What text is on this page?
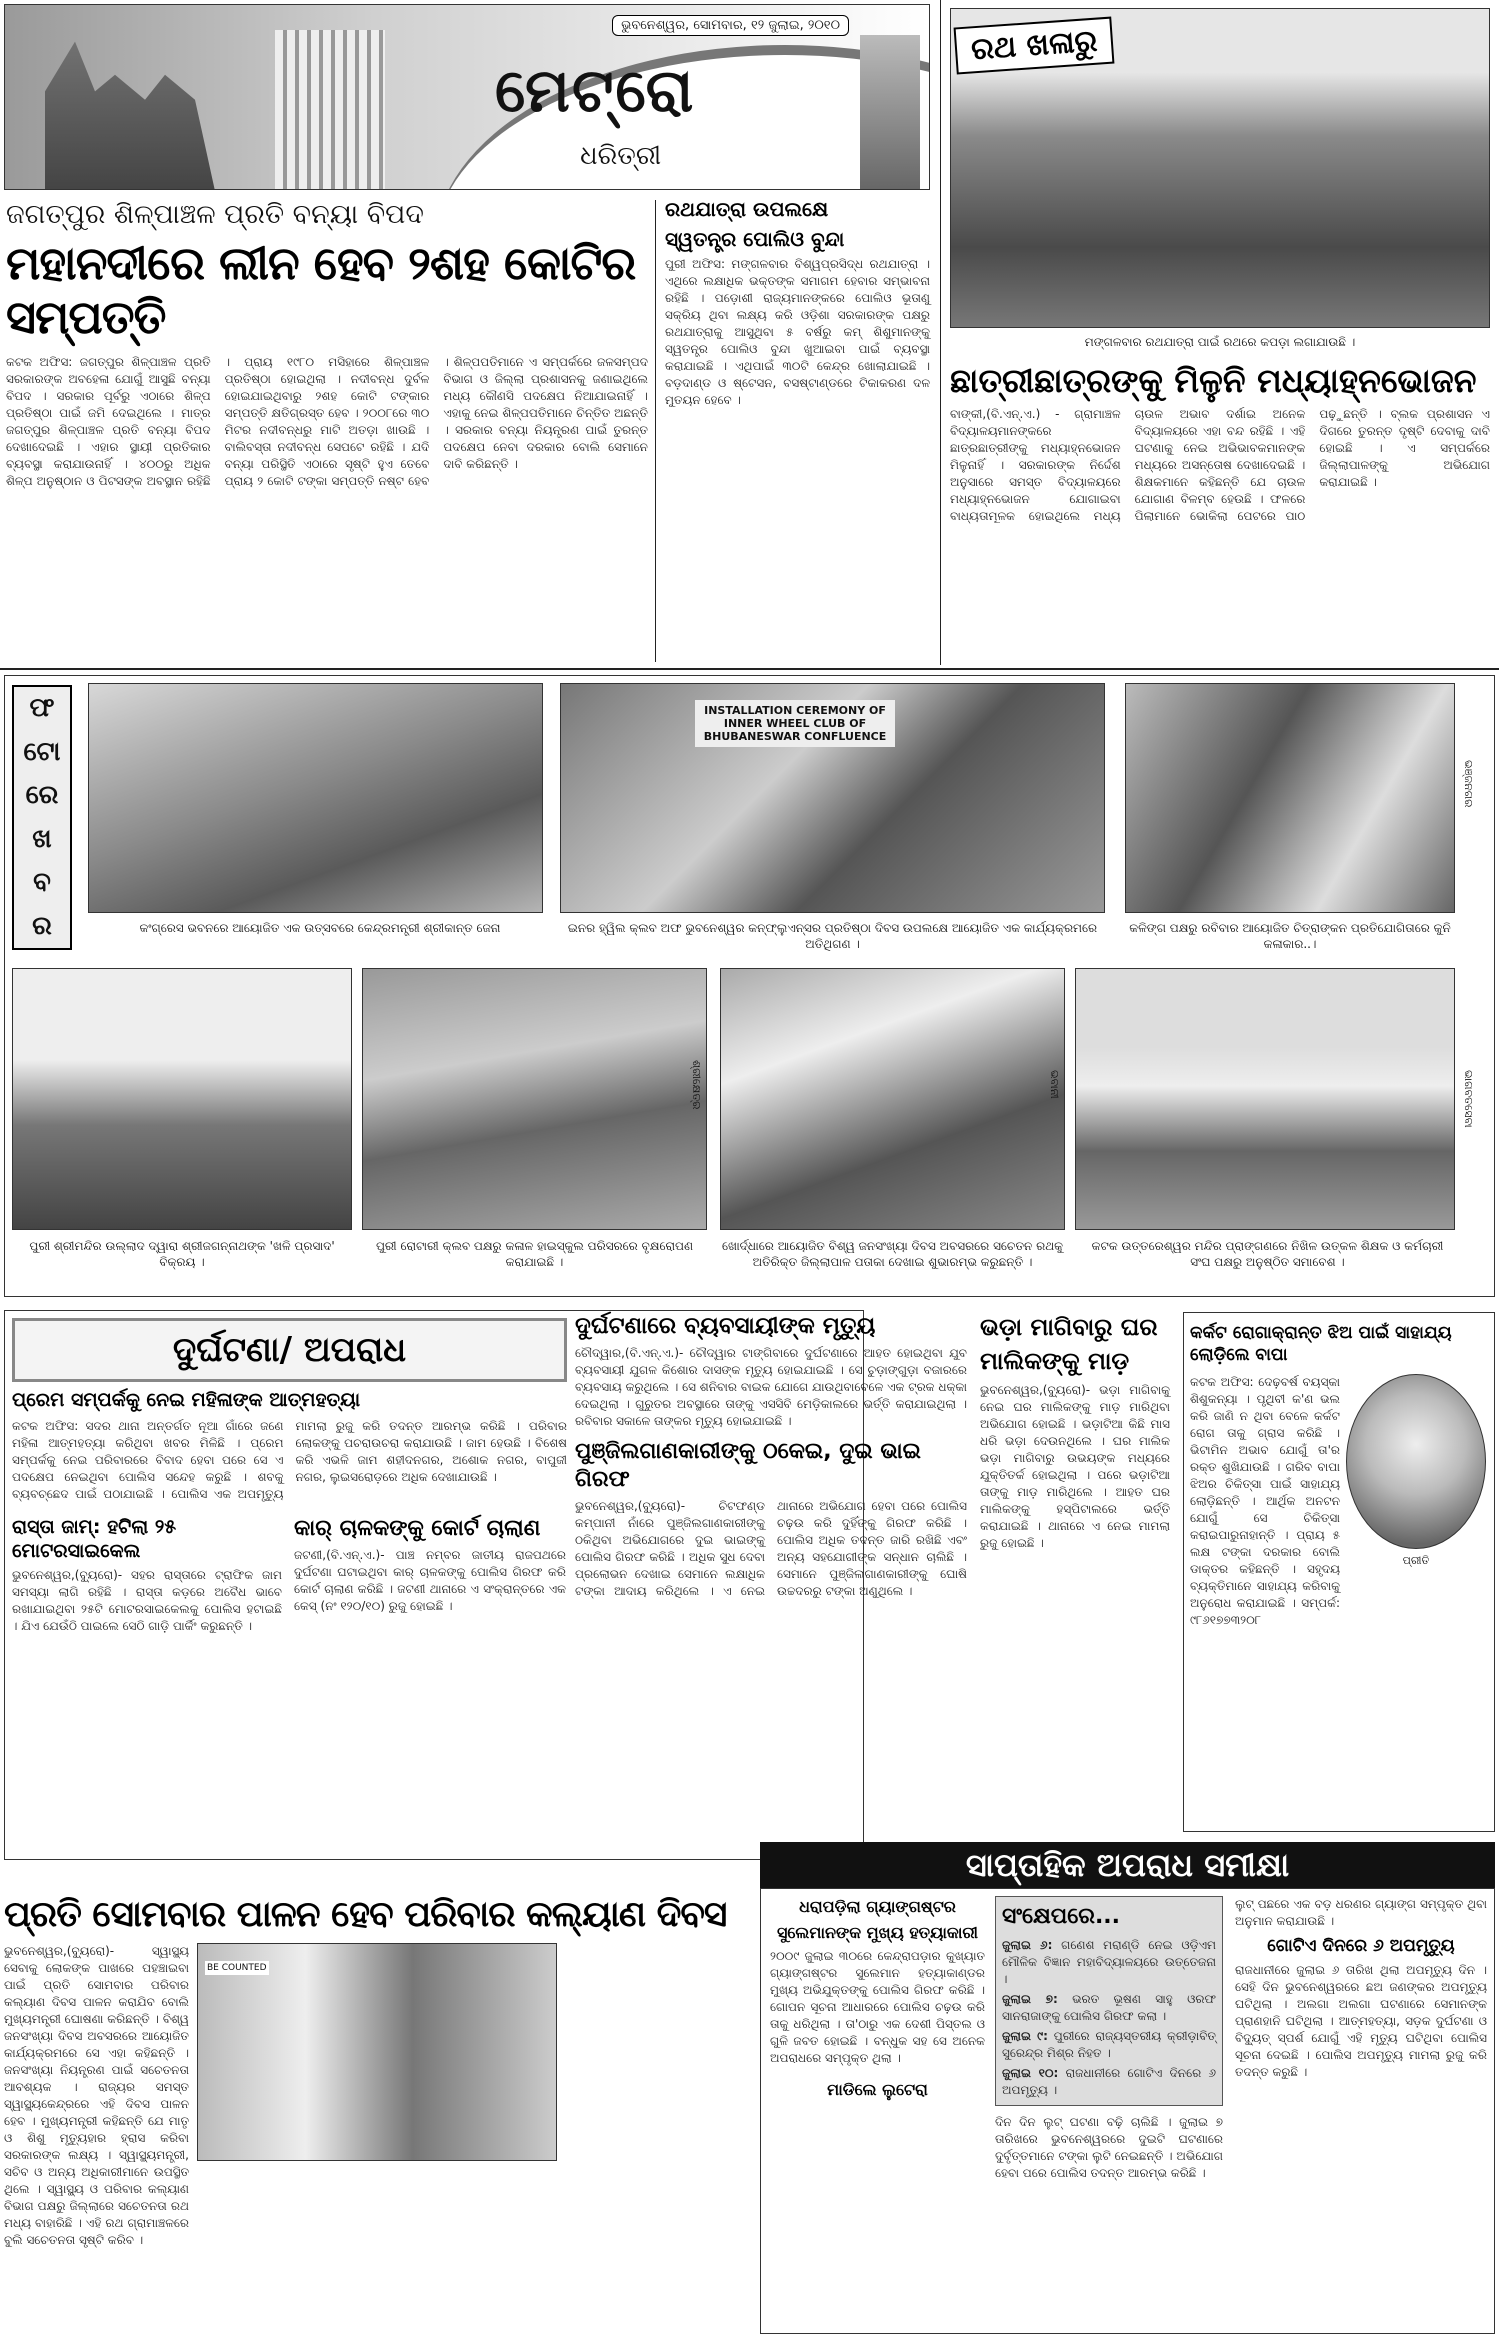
ଭୁବନେଶ୍ୱର, ସୋମବାର, ୧୨ ଜୁଲାଇ, ୨୦୧୦
ମେଟ୍ରୋ
ଧରିତ୍ରୀ
ଜଗତ୍‌ପୁର ଶିଳ୍ପାଞ୍ଚଳ ପ୍ରତି ବନ୍ୟା ବିପଦ
ମହାନଦୀରେ ଲୀନ ହେବ ୨ଶହ କୋଟିର ସମ୍ପତ୍ତି
କଟକ ଅଫିସ: ଜଗତ୍‌ପୁର ଶିଳ୍ପାଞ୍ଚଳ ପ୍ରତି ସରକାରଙ୍କ ଅବହେଳା ଯୋଗୁଁ ଆସୁଛି ବନ୍ୟା ବିପଦ । ସରକାର ପୂର୍ବରୁ ଏଠାରେ ଶିଳ୍ପ ପ୍ରତିଷ୍ଠା ପାଇଁ ଜମି ଦେଇଥିଲେ । ମାତ୍ର ଜଗତ୍‌ପୁର ଶିଳ୍ପାଞ୍ଚଳ ପ୍ରତି ବନ୍ୟା ବିପଦ ଦେଖାଦେଇଛି । ଏହାର ସ୍ଥାୟୀ ପ୍ରତିକାର ବ୍ୟବସ୍ଥା କରାଯାଉନାହିଁ । ୪୦୦ରୁ ଅଧିକ ଶିଳ୍ପ ଅନୁଷ୍ଠାନ ଓ ପିଟସଙ୍କ ଅବସ୍ଥାନ ରହିଛି । ପ୍ରାୟ ୧୯୮୦ ମସିହାରେ ଶିଳ୍ପାଞ୍ଚଳ ପ୍ରତିଷ୍ଠା ହୋଇଥିଲା । ନଦୀବନ୍ଧ ଦୁର୍ବଳ ହୋଇଯାଇଥିବାରୁ ୨ଶହ କୋଟି ଟଙ୍କାର ସମ୍ପତ୍ତି କ୍ଷତିଗ୍ରସ୍ତ ହେବ । ୨୦୦୮ରେ ୩୦ ମିଟର ନଦୀବନ୍ଧରୁ ମାଟି ଅତଡ଼ା ଖାଉଛି । ବାଲିବସ୍ତା ନଦୀବନ୍ଧ ସେପଟେ ରହିଛି । ଯଦି ବନ୍ୟା ପରିସ୍ଥିତି ଏଠାରେ ସୃଷ୍ଟି ହୁଏ ତେବେ ପ୍ରାୟ ୨ କୋଟି ଟଙ୍କା ସମ୍ପତ୍ତି ନଷ୍ଟ ହେବ । ଶିଳ୍ପପତିମାନେ ଏ ସମ୍ପର୍କରେ ଜଳସମ୍ପଦ ବିଭାଗ ଓ ଜିଲ୍ଲା ପ୍ରଶାସନକୁ ଜଣାଇଥିଲେ ମଧ୍ୟ କୌଣସି ପଦକ୍ଷେପ ନିଆଯାଇନାହିଁ । ଏହାକୁ ନେଇ ଶିଳ୍ପପତିମାନେ ଚିନ୍ତିତ ଅଛନ୍ତି । ସରକାର ବନ୍ୟା ନିୟନ୍ତ୍ରଣ ପାଇଁ ତୁରନ୍ତ ପଦକ୍ଷେପ ନେବା ଦରକାର ବୋଲି ସେମାନେ ଦାବି କରିଛନ୍ତି ।
ରଥଯାତ୍ରା ଉପଲକ୍ଷେ
ସ୍ୱତନ୍ତ୍ର ପୋଲିଓ ବୁନ୍ଦା
ପୁରୀ ଅଫିସ: ମଙ୍ଗଳବାର ବିଶ୍ୱପ୍ରସିଦ୍ଧ ରଥଯାତ୍ରା । ଏଥିରେ ଲକ୍ଷାଧିକ ଭକ୍ତଙ୍କ ସମାଗମ ହେବାର ସମ୍ଭାବନା ରହିଛି । ପଡ଼ୋଶୀ ରାଜ୍ୟମାନଙ୍କରେ ପୋଲିଓ ଭୂତାଣୁ ସକ୍ରିୟ ଥିବା ଲକ୍ଷ୍ୟ କରି ଓଡ଼ିଶା ସରକାରଙ୍କ ପକ୍ଷରୁ ରଥଯାତ୍ରାକୁ ଆସୁଥିବା ୫ ବର୍ଷରୁ କମ୍ ଶିଶୁମାନଙ୍କୁ ସ୍ୱତନ୍ତ୍ର ପୋଲିଓ ବୁନ୍ଦା ଖୁଆଇବା ପାଇଁ ବ୍ୟବସ୍ଥା କରାଯାଇଛି । ଏଥିପାଇଁ ୩୦ଟି କେନ୍ଦ୍ର ଖୋଲାଯାଇଛି । ବଡ଼ଦାଣ୍ଡ ଓ ଷ୍ଟେସନ, ବସଷ୍ଟାଣ୍ଡରେ ଟିକାକରଣ ଦଳ ମୁତୟନ ହେବେ ।
ରଥ ଖଳାରୁ
ମଙ୍ଗଳବାର ରଥଯାତ୍ରା ପାଇଁ ରଥରେ କପଡ଼ା ଲଗାଯାଉଛି ।
ଛାତ୍ରୀଛାତ୍ରଙ୍କୁ ମିଳୁନି ମଧ୍ୟାହ୍ନଭୋଜନ
ବାଙ୍କୀ,(ବି.ଏନ୍.ଏ.) - ଗ୍ରାମାଞ୍ଚଳ ବିଦ୍ୟାଳୟମାନଙ୍କରେ ଛାତ୍ରଛାତ୍ରୀଙ୍କୁ ମଧ୍ୟାହ୍ନଭୋଜନ ମିଳୁନାହିଁ । ସରକାରଙ୍କ ନିର୍ଦ୍ଦେଶ ଅନୁସାରେ ସମସ୍ତ ବିଦ୍ୟାଳୟରେ ମଧ୍ୟାହ୍ନଭୋଜନ ଯୋଗାଇବା ବାଧ୍ୟତାମୂଳକ ହୋଇଥିଲେ ମଧ୍ୟ ଚାଉଳ ଅଭାବ ଦର୍ଶାଇ ଅନେକ ବିଦ୍ୟାଳୟରେ ଏହା ବନ୍ଦ ରହିଛି । ଏହି ଘଟଣାକୁ ନେଇ ଅଭିଭାବକମାନଙ୍କ ମଧ୍ୟରେ ଅସନ୍ତୋଷ ଦେଖାଦେଇଛି । ଶିକ୍ଷକମାନେ କହିଛନ୍ତି ଯେ ଚାଉଳ ଯୋଗାଣ ବିଳମ୍ବ ହେଉଛି । ଫଳରେ ପିଲାମାନେ ଭୋକିଲା ପେଟରେ ପାଠ ପଢ଼ୁଛନ୍ତି । ବ୍ଲକ ପ୍ରଶାସନ ଏ ଦିଗରେ ତୁରନ୍ତ ଦୃଷ୍ଟି ଦେବାକୁ ଦାବି ହୋଇଛି । ଏ ସମ୍ପର୍କରେ ଜିଲ୍ଲାପାଳଙ୍କୁ ଅଭିଯୋଗ କରାଯାଇଛି ।
ଫ
ଟୋ
ରେ
ଖ
ବ
ର
INSTALLATION CEREMONY OF INNER WHEEL CLUB OF BHUBANESWAR CONFLUENCE
ଭଞ୍ଜନଗର
କଂଗ୍ରେସ ଭବନରେ ଆୟୋଜିତ ଏକ ଉତ୍ସବରେ କେନ୍ଦ୍ରମନ୍ତ୍ରୀ ଶ୍ରୀକାନ୍ତ ଜେନା	ଇନର ହ୍ୱିଲ କ୍ଲବ ଅଫ ଭୁବନେଶ୍ୱର କନ୍‌ଫ୍ଲୁଏନ୍ସର ପ୍ରତିଷ୍ଠା ଦିବସ ଉପଲକ୍ଷେ ଆୟୋଜିତ ଏକ କାର୍ଯ୍ୟକ୍ରମରେ ଅତିଥିଗଣ ।
କଳିଙ୍ଗ ପକ୍ଷରୁ ରବିବାର ଆୟୋଜିତ ଚିତ୍ରାଙ୍କନ ପ୍ରତିଯୋଗିତାରେ କୁନି କଳାକାର..।
ଶ୍ରୀକ୍ଷେତ୍ର	ଭବାନୀ	ଭାଗବତସେବା
ପୁରୀ ଶ୍ରୀମନ୍ଦିର ଉଲ୍ଲାଦ ଦ୍ୱାରା ଶ୍ରୀଜଗନ୍ନାଥଙ୍କ 'ଖଳି ପ୍ରସାଦ' ବିକ୍ରୟ ।
ପୁରୀ ରୋଟାରୀ କ୍ଲବ ପକ୍ଷରୁ କଳାଳ ହାଇସ୍କୁଲ ପରିସରରେ ବୃକ୍ଷରୋପଣ କରାଯାଇଛି ।
ଖୋର୍ଦ୍ଧାରେ ଆୟୋଜିତ ବିଶ୍ୱ ଜନସଂଖ୍ୟା ଦିବସ ଅବସରରେ ସଚେତନ ରଥକୁ ଅତିରିକ୍ତ ଜିଲ୍ଲାପାଳ ପତାକା ଦେଖାଇ ଶୁଭାରମ୍ଭ କରୁଛନ୍ତି ।
କଟକ ଉତ୍ତରେଶ୍ୱର ମନ୍ଦିର ପ୍ରାଙ୍ଗଣରେ ନିଖିଳ ଉତ୍କଳ ଶିକ୍ଷକ ଓ କର୍ମଚାରୀ ସଂଘ ପକ୍ଷରୁ ଅନୁଷ୍ଠିତ ସମାବେଶ ।
ଦୁର୍ଘଟଣା/ ଅପରାଧ
ପ୍ରେମ ସମ୍ପର୍କକୁ ନେଇ ମହିଳାଙ୍କ ଆତ୍ମହତ୍ୟା
କଟକ ଅଫିସ: ସଦର ଥାନା ଅନ୍ତର୍ଗତ ନୂଆ ଗାଁରେ ଜଣେ ମହିଳା ଆତ୍ମହତ୍ୟା କରିଥିବା ଖବର ମିଳିଛି । ପ୍ରେମ ସମ୍ପର୍କକୁ ନେଇ ପରିବାରରେ ବିବାଦ ହେବା ପରେ ସେ ଏ ପଦକ୍ଷେପ ନେଇଥିବା ପୋଲିସ ସନ୍ଦେହ କରୁଛି । ଶବକୁ ବ୍ୟବଚ୍ଛେଦ ପାଇଁ ପଠାଯାଇଛି । ପୋଲିସ ଏକ ଅପମୃତ୍ୟୁ ମାମଲା ରୁଜୁ କରି ତଦନ୍ତ ଆରମ୍ଭ କରିଛି । ପରିବାର ଲୋକଙ୍କୁ ପଚରାଉଚରା କରାଯାଉଛି । ଜାମ ହେଉଛି । ବିଶେଷ କରି ଏଭଳି ଜାମ ଶହୀଦନଗର, ଅଶୋକ ନଗର, ବାପୁଜୀ ନଗର, ଲୁଇସରୋଡ଼ରେ ଅଧିକ ଦେଖାଯାଉଛି ।
ରାସ୍ତା ଜାମ୍: ହଟିଲା ୨୫ ମୋଟରସାଇକେଲ
ଭୁବନେଶ୍ୱର,(ବ୍ୟୁରୋ)- ସହର ରାସ୍ତାରେ ଟ୍ରାଫିକ ଜାମ ସମସ୍ୟା ଲାଗି ରହିଛି । ରାସ୍ତା କଡ଼ରେ ଅବୈଧ ଭାବେ ରଖାଯାଇଥିବା ୨୫ଟି ମୋଟରସାଇକେଲକୁ ପୋଲିସ ହଟାଇଛି । ଯିଏ ଯେଉଁଠି ପାଇଲେ ସେଠି ଗାଡ଼ି ପାର୍କିଂ କରୁଛନ୍ତି ।
କାର୍ ଚାଳକଙ୍କୁ କୋର୍ଟ ଚାଲାଣ
ଜଟଣୀ,(ବି.ଏନ୍.ଏ.)- ପାଞ୍ଚ ନମ୍ବର ଜାତୀୟ ରାଜପଥରେ ଦୁର୍ଘଟଣା ଘଟାଇଥିବା କାର୍ ଚାଳକଙ୍କୁ ପୋଲିସ ଗିରଫ କରି କୋର୍ଟ ଚାଲାଣ କରିଛି । ଜଟଣୀ ଥାନାରେ ଏ ସଂକ୍ରାନ୍ତରେ ଏକ କେସ୍ (ନଂ ୧୨୦/୧୦) ରୁଜୁ ହୋଇଛି ।
ଦୁର୍ଘଟଣାରେ ବ୍ୟବସାୟୀଙ୍କ ମୃତ୍ୟୁ
ଚୌଦ୍ୱାର,(ବି.ଏନ୍.ଏ.)- ଚୌଦ୍ୱାର ଟାଙ୍ଗିବାରେ ଦୁର୍ଘଟଣାରେ ଆହତ ହୋଇଥିବା ଯୁବ ବ୍ୟବସାୟୀ ଯୁଗଳ କିଶୋର ଦାସଙ୍କ ମୃତ୍ୟୁ ହୋଇଯାଇଛି । ସେ ଚୁଡ଼ାଙ୍ଗୁଡ଼ା ବଜାରରେ ବ୍ୟବସାୟ କରୁଥିଲେ । ସେ ଶନିବାର ବାଇକ ଯୋଗେ ଯାଉଥିବାବେଳେ ଏକ ଟ୍ରକ ଧକ୍କା ଦେଇଥିଲା । ଗୁରୁତର ଅବସ୍ଥାରେ ତାଙ୍କୁ ଏସସିବି ମେଡ଼ିକାଲରେ ଭର୍ତ୍ତି କରାଯାଇଥିଲା । ରବିବାର ସକାଳେ ତାଙ୍କର ମୃତ୍ୟୁ ହୋଇଯାଇଛି ।
ପୁଞ୍ଜିଲଗାଣକାରୀଙ୍କୁ ଠକେଇ, ଦୁଇ ଭାଇ ଗିରଫ
ଭୁବନେଶ୍ୱର,(ବ୍ୟୁରୋ)- ଚିଟଫଣ୍ଡ କମ୍ପାନୀ ନାଁରେ ପୁଞ୍ଜିଲଗାଣକାରୀଙ୍କୁ ଠକିଥିବା ଅଭିଯୋଗରେ ଦୁଇ ଭାଇଙ୍କୁ ପୋଲିସ ଗିରଫ କରିଛି । ଅଧିକ ସୁଧ ଦେବା ପ୍ରଲୋଭନ ଦେଖାଇ ସେମାନେ ଲକ୍ଷାଧିକ ଟଙ୍କା ଆଦାୟ କରିଥିଲେ । ଏ ନେଇ ଥାନାରେ ଅଭିଯୋଗ ହେବା ପରେ ପୋଲିସ ଚଢ଼ଉ କରି ଦୁହିଁଙ୍କୁ ଗିରଫ କରିଛି । ପୋଲିସ ଅଧିକ ତଦନ୍ତ ଜାରି ରଖିଛି ଏବଂ ଅନ୍ୟ ସହଯୋଗୀଙ୍କ ସନ୍ଧାନ ଚାଲିଛି । ସେମାନେ ପୁଞ୍ଜିଲଗାଣକାରୀଙ୍କୁ ଘୋଷି ଉଚ୍ଚଦରରୁ ଟଙ୍କା ଅଣୁଥିଲେ ।
ଭଡ଼ା ମାଗିବାରୁ ଘର ମାଲିକଙ୍କୁ ମାଡ଼
ଭୁବନେଶ୍ୱର,(ବ୍ୟୁରୋ)- ଭଡ଼ା ମାଗିବାକୁ ନେଇ ଘର ମାଲିକଙ୍କୁ ମାଡ଼ ମାରିଥିବା ଅଭିଯୋଗ ହୋଇଛି । ଭଡ଼ାଟିଆ କିଛି ମାସ ଧରି ଭଡ଼ା ଦେଉନଥିଲେ । ଘର ମାଲିକ ଭଡ଼ା ମାଗିବାରୁ ଉଭୟଙ୍କ ମଧ୍ୟରେ ଯୁକ୍ତିତର୍କ ହୋଇଥିଲା । ପରେ ଭଡ଼ାଟିଆ ତାଙ୍କୁ ମାଡ଼ ମାରିଥିଲେ । ଆହତ ଘର ମାଲିକଙ୍କୁ ହସ୍ପିଟାଲରେ ଭର୍ତ୍ତି କରାଯାଇଛି । ଥାନାରେ ଏ ନେଇ ମାମଲା ରୁଜୁ ହୋଇଛି ।
କର୍କଟ ରୋଗାକ୍ରାନ୍ତ ଝିଅ ପାଇଁ ସାହାଯ୍ୟ ଲୋଡ଼ିଲେ ବାପା
କଟକ ଅଫିସ: ଦେଢ଼ବର୍ଷ ବୟସ୍କା ଶିଶୁକନ୍ୟା । ପୃଥିବୀ କ'ଣ ଭଲ କରି ଜାଣି ନ ଥିବା ବେଳେ କର୍କଟ ରୋଗ ତାକୁ ଗ୍ରାସ କରିଛି । ଭିଟାମିନ ଅଭାବ ଯୋଗୁଁ ତା'ର ରକ୍ତ ଶୁଖିଯାଉଛି । ଗରିବ ବାପା ଝିଅର ଚିକିତ୍ସା ପାଇଁ ସାହାଯ୍ୟ ଲୋଡ଼ିଛନ୍ତି । ଆର୍ଥିକ ଅନଟନ ଯୋଗୁଁ ସେ ଚିକିତ୍ସା କରାଇପାରୁନାହାନ୍ତି । ପ୍ରାୟ ୫ ଲକ୍ଷ ଟଙ୍କା ଦରକାର ବୋଲି ଡାକ୍ତର କହିଛନ୍ତି । ସହୃଦୟ ବ୍ୟକ୍ତିମାନେ ସାହାଯ୍ୟ କରିବାକୁ ଅନୁରୋଧ କରାଯାଇଛି । ସମ୍ପର୍କ: ୯୮୬୧୭୭୩୨୦୮
ପ୍ରୀତି
ସାପ୍ତାହିକ ଅପରାଧ ସମୀକ୍ଷା
ଧରାପଡ଼ିଲା ଗ୍ୟାଙ୍ଗଷ୍ଟର
ସୁଲେମାନଙ୍କ ମୁଖ୍ୟ ହତ୍ୟାକାରୀ
୨୦୦୯ ଜୁଲାଇ ୩୦ରେ କେନ୍ଦ୍ରାପଡ଼ାର କୁଖ୍ୟାତ ଗ୍ୟାଙ୍ଗଷ୍ଟର ସୁଲେମାନ ହତ୍ୟାକାଣ୍ଡର ମୁଖ୍ୟ ଅଭିଯୁକ୍ତଙ୍କୁ ପୋଲିସ ଗିରଫ କରିଛି । ଗୋପନ ସୂଚନା ଆଧାରରେ ପୋଲିସ ଚଢ଼ଉ କରି ତାକୁ ଧରିଥିଲା । ତା'ଠାରୁ ଏକ ଦେଶୀ ପିସ୍ତଲ ଓ ଗୁଳି ଜବତ ହୋଇଛି । ବନ୍ଧୁକ ସହ ସେ ଅନେକ ଅପରାଧରେ ସମ୍ପୃକ୍ତ ଥିଲା ।
ମାଡିଲେ ଲୁଟେରା
ସଂକ୍ଷେପରେ...
ଜୁଲାଇ ୬: ଗଣେଶ ମରାଣ୍ଡି ନେଇ ଓଡ଼ିଏମ ମୌଳିକ ବିଜ୍ଞାନ ମହାବିଦ୍ୟାଳୟରେ ଉତ୍ତେଜନା ।
ଜୁଲାଇ ୭: ଭରତ ଭୂଷଣ ସାହୁ ଓରଫ ସାନରାଜାଙ୍କୁ ପୋଲିସ ଗିରଫ କଲା ।
ଜୁଲାଇ ୯: ପୁରୀରେ ରାଜ୍ୟସ୍ତରୀୟ କ୍ରୀଡ଼ାବିତ୍ ସୁରେନ୍ଦ୍ର ମିଶ୍ର ନିହତ ।
ଜୁଲାଇ ୧୦: ରାଜଧାନୀରେ ଗୋଟିଏ ଦିନରେ ୬ ଅପମୃତ୍ୟୁ ।
ଦିନ ଦିନ ଲୁଟ୍ ଘଟଣା ବଢ଼ି ଚାଲିଛି । ଜୁଲାଇ ୭ ତାରିଖରେ ଭୁବନେଶ୍ୱରରେ ଦୁଇଟି ଘଟଣାରେ ଦୁର୍ବୃତ୍ତମାନେ ଟଙ୍କା ଲୁଟି ନେଇଛନ୍ତି । ଅଭିଯୋଗ ହେବା ପରେ ପୋଲିସ ତଦନ୍ତ ଆରମ୍ଭ କରିଛି ।
ଲୁଟ୍ ପଛରେ ଏକ ବଡ଼ ଧରଣର ଗ୍ୟାଙ୍ଗ ସମ୍ପୃକ୍ତ ଥିବା ଅନୁମାନ କରାଯାଉଛି ।
ଗୋଟିଏ ଦିନରେ ୬ ଅପମୃତ୍ୟୁ
ରାଜଧାନୀରେ ଜୁଲାଇ ୬ ତାରିଖ ଥିଲା ଅପମୃତ୍ୟୁ ଦିନ । ସେହି ଦିନ ଭୁବନେଶ୍ୱରରେ ଛଅ ଜଣଙ୍କର ଅପମୃତ୍ୟୁ ଘଟିଥିଲା । ଅଲଗା ଅଲଗା ଘଟଣାରେ ସେମାନଙ୍କ ପ୍ରାଣହାନି ଘଟିଥିଲା । ଆତ୍ମହତ୍ୟା, ସଡ଼କ ଦୁର୍ଘଟଣା ଓ ବିଦ୍ୟୁତ୍ ସ୍ପର୍ଶ ଯୋଗୁଁ ଏହି ମୃତ୍ୟୁ ଘଟିଥିବା ପୋଲିସ ସୂଚନା ଦେଇଛି । ପୋଲିସ ଅପମୃତ୍ୟୁ ମାମଲା ରୁଜୁ କରି ତଦନ୍ତ କରୁଛି ।
ପ୍ରତି ସୋମବାର ପାଳନ ହେବ ପରିବାର କଲ୍ୟାଣ ଦିବସ
ଭୁବନେଶ୍ୱର,(ବ୍ୟୁରୋ)- ସ୍ୱାସ୍ଥ୍ୟ ସେବାକୁ ଲୋକଙ୍କ ପାଖରେ ପହଞ୍ଚାଇବା ପାଇଁ ପ୍ରତି ସୋମବାର ପରିବାର କଲ୍ୟାଣ ଦିବସ ପାଳନ କରାଯିବ ବୋଲି ମୁଖ୍ୟମନ୍ତ୍ରୀ ଘୋଷଣା କରିଛନ୍ତି । ବିଶ୍ୱ ଜନସଂଖ୍ୟା ଦିବସ ଅବସରରେ ଆୟୋଜିତ କାର୍ଯ୍ୟକ୍ରମରେ ସେ ଏହା କହିଛନ୍ତି । ଜନସଂଖ୍ୟା ନିୟନ୍ତ୍ରଣ ପାଇଁ ସଚେତନତା ଆବଶ୍ୟକ । ରାଜ୍ୟର ସମସ୍ତ ସ୍ୱାସ୍ଥ୍ୟକେନ୍ଦ୍ରରେ ଏହି ଦିବସ ପାଳନ ହେବ । ମୁଖ୍ୟମନ୍ତ୍ରୀ କହିଛନ୍ତି ଯେ ମାତୃ ଓ ଶିଶୁ ମୃତ୍ୟୁହାର ହ୍ରାସ କରିବା ସରକାରଙ୍କ ଲକ୍ଷ୍ୟ । ସ୍ୱାସ୍ଥ୍ୟମନ୍ତ୍ରୀ, ସଚିବ ଓ ଅନ୍ୟ ଅଧିକାରୀମାନେ ଉପସ୍ଥିତ ଥିଲେ । ସ୍ୱାସ୍ଥ୍ୟ ଓ ପରିବାର କଲ୍ୟାଣ ବିଭାଗ ପକ୍ଷରୁ ଜିଲ୍ଲାରେ ସଚେତନତା ରଥ ମଧ୍ୟ ବାହାରିଛି । ଏହି ରଥ ଗ୍ରାମାଞ୍ଚଳରେ ବୁଲି ସଚେତନତା ସୃଷ୍ଟି କରିବ ।
BE COUNTED
